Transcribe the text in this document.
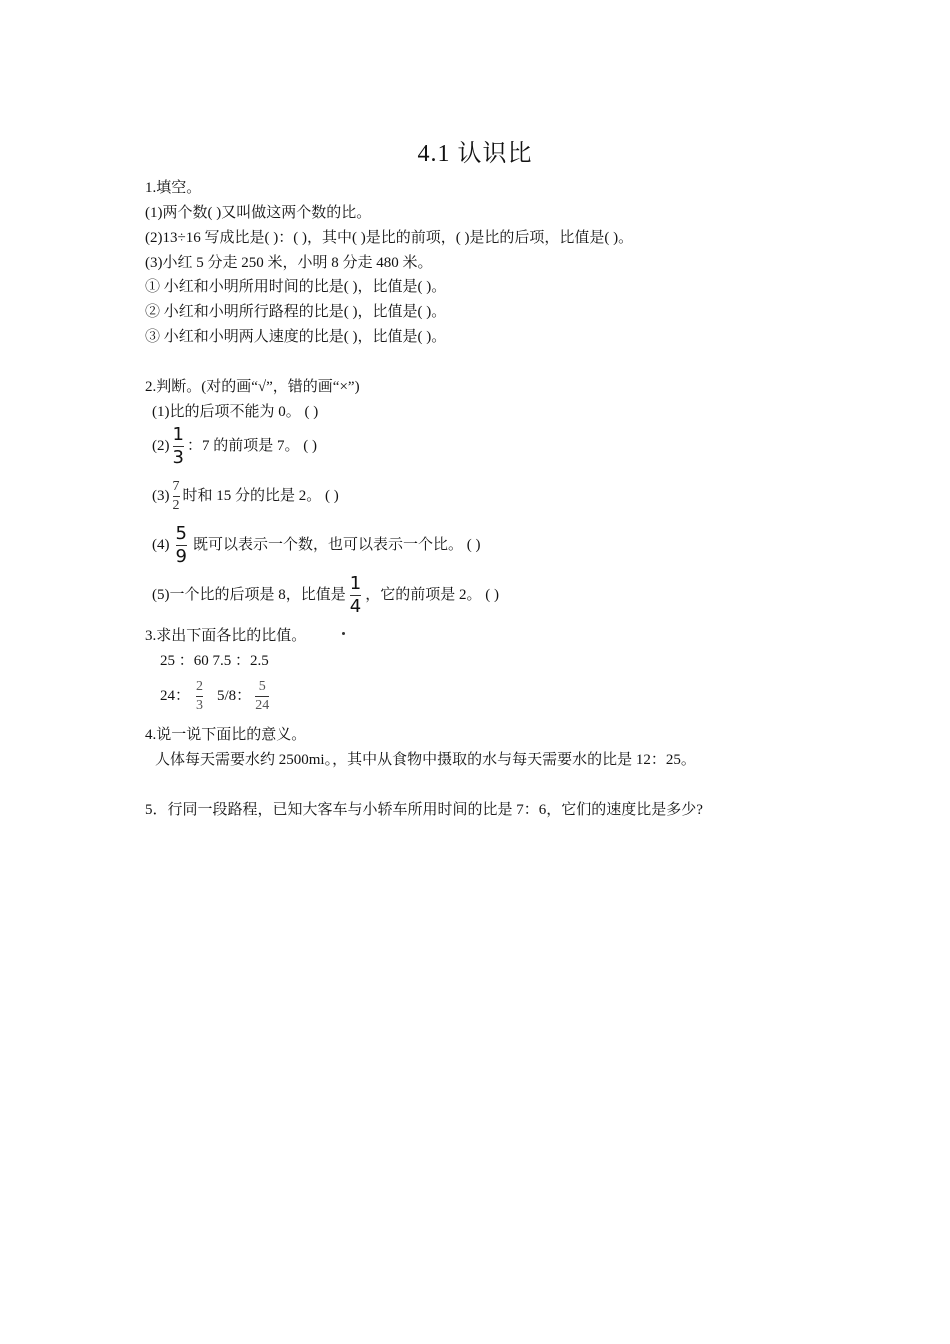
4.1 认识比
1.填空。
(1)两个数( )又叫做这两个数的比。
(2)13÷16 写成比是( )：( )，其中( )是比的前项，( )是比的后项，比值是( )。
(3)小红 5 分走 250 米，小明 8 分走 480 米。
① 小红和小明所用时间的比是( )，比值是( )。
② 小红和小明所行路程的比是( )，比值是( )。
③ 小红和小明两人速度的比是( )，比值是( )。
2.判断。(对的画“√”，错的画“×”)
(1)比的后项不能为 0。 ( )
$(2) \frac{1}{3}$ ：7 的前项是 7。 ( )
$(3) \frac{7}{2}$ 时和 15 分的比是 2。 ( )
$(4) \frac{5}{9}$ 既可以表示一个数，也可以表示一个比。 ( )
(5)一个比的后项是 8，比值是 $\frac{1}{4}$ ，它的前项是 2。 ( )
3.求出下面各比的比值。
25 ：60 7.5 ：2.5
24： $\frac{2}{3} 5/8$： $\frac{5}{24}$
4.说一说下面比的意义。
人体每天需要水约 2500mi。，其中从食物中摄取的水与每天需要水的比是 12：25。
5．行同一段路程，已知大客车与小轿车所用时间的比是 7：6，它们的速度比是多少?
